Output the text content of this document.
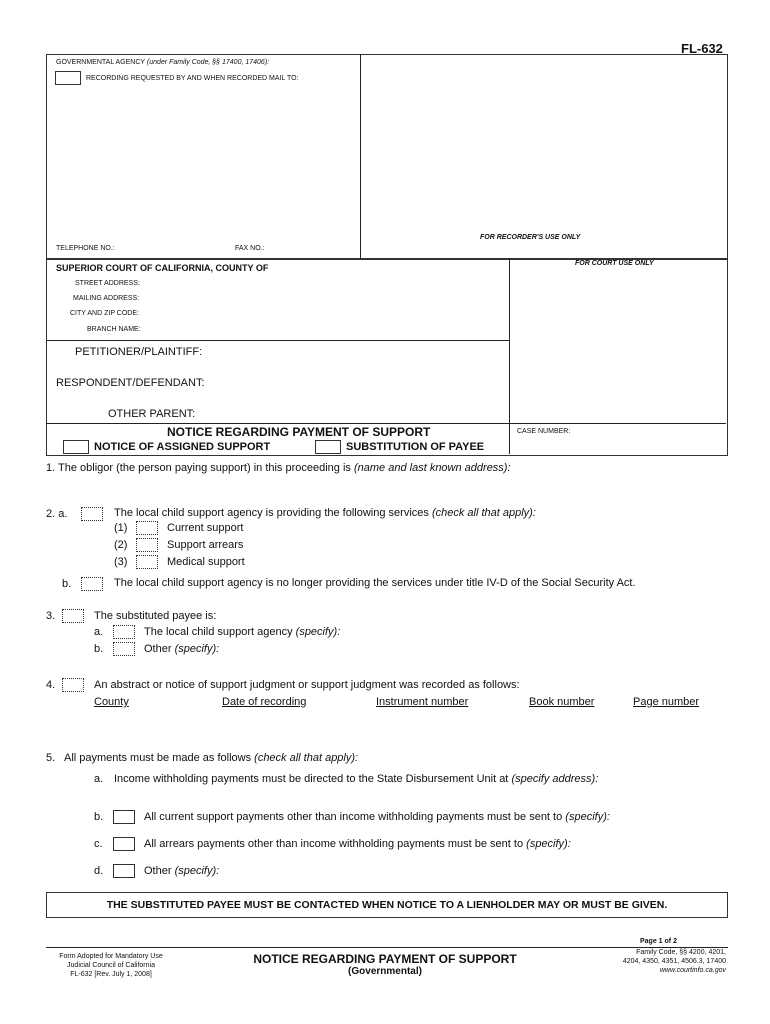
FL-632
GOVERNMENTAL AGENCY (under Family Code, §§ 17400, 17406):
RECORDING REQUESTED BY AND WHEN RECORDED MAIL TO:
FOR RECORDER'S USE ONLY
TELEPHONE NO.:	FAX NO.:
SUPERIOR COURT OF CALIFORNIA, COUNTY OF
STREET ADDRESS:
MAILING ADDRESS:
CITY AND ZIP CODE:
BRANCH NAME:
FOR COURT USE ONLY
PETITIONER/PLAINTIFF:
RESPONDENT/DEFENDANT:
OTHER PARENT:
NOTICE REGARDING PAYMENT OF SUPPORT
NOTICE OF ASSIGNED SUPPORT	SUBSTITUTION OF PAYEE
CASE NUMBER:
1. The obligor (the person paying support) in this proceeding is (name and last known address):
2. a.	The local child support agency is providing the following services (check all that apply):
(1)	Current support
(2)	Support arrears
(3)	Medical support
b.	The local child support agency is no longer providing the services under title IV-D of the Social Security Act.
3.	The substituted payee is:
a.	The local child support agency (specify):
b.	Other (specify):
4.	An abstract or notice of support judgment or support judgment was recorded as follows:
County	Date of recording	Instrument number	Book number	Page number
5. All payments must be made as follows (check all that apply):
a. Income withholding payments must be directed to the State Disbursement Unit at (specify address):
b.	All current support payments other than income withholding payments must be sent to (specify):
c.	All arrears payments other than income withholding payments must be sent to (specify):
d.	Other (specify):
THE SUBSTITUTED PAYEE MUST BE CONTACTED WHEN NOTICE TO A LIENHOLDER MAY OR MUST BE GIVEN.
Page 1 of 2
Form Adopted for Mandatory Use
Judicial Council of California
FL-632 [Rev. July 1, 2008]
NOTICE REGARDING PAYMENT OF SUPPORT
(Governmental)
Family Code, §§ 4200, 4201,
4204, 4350, 4351, 4506.3, 17400
www.courtinfo.ca.gov
